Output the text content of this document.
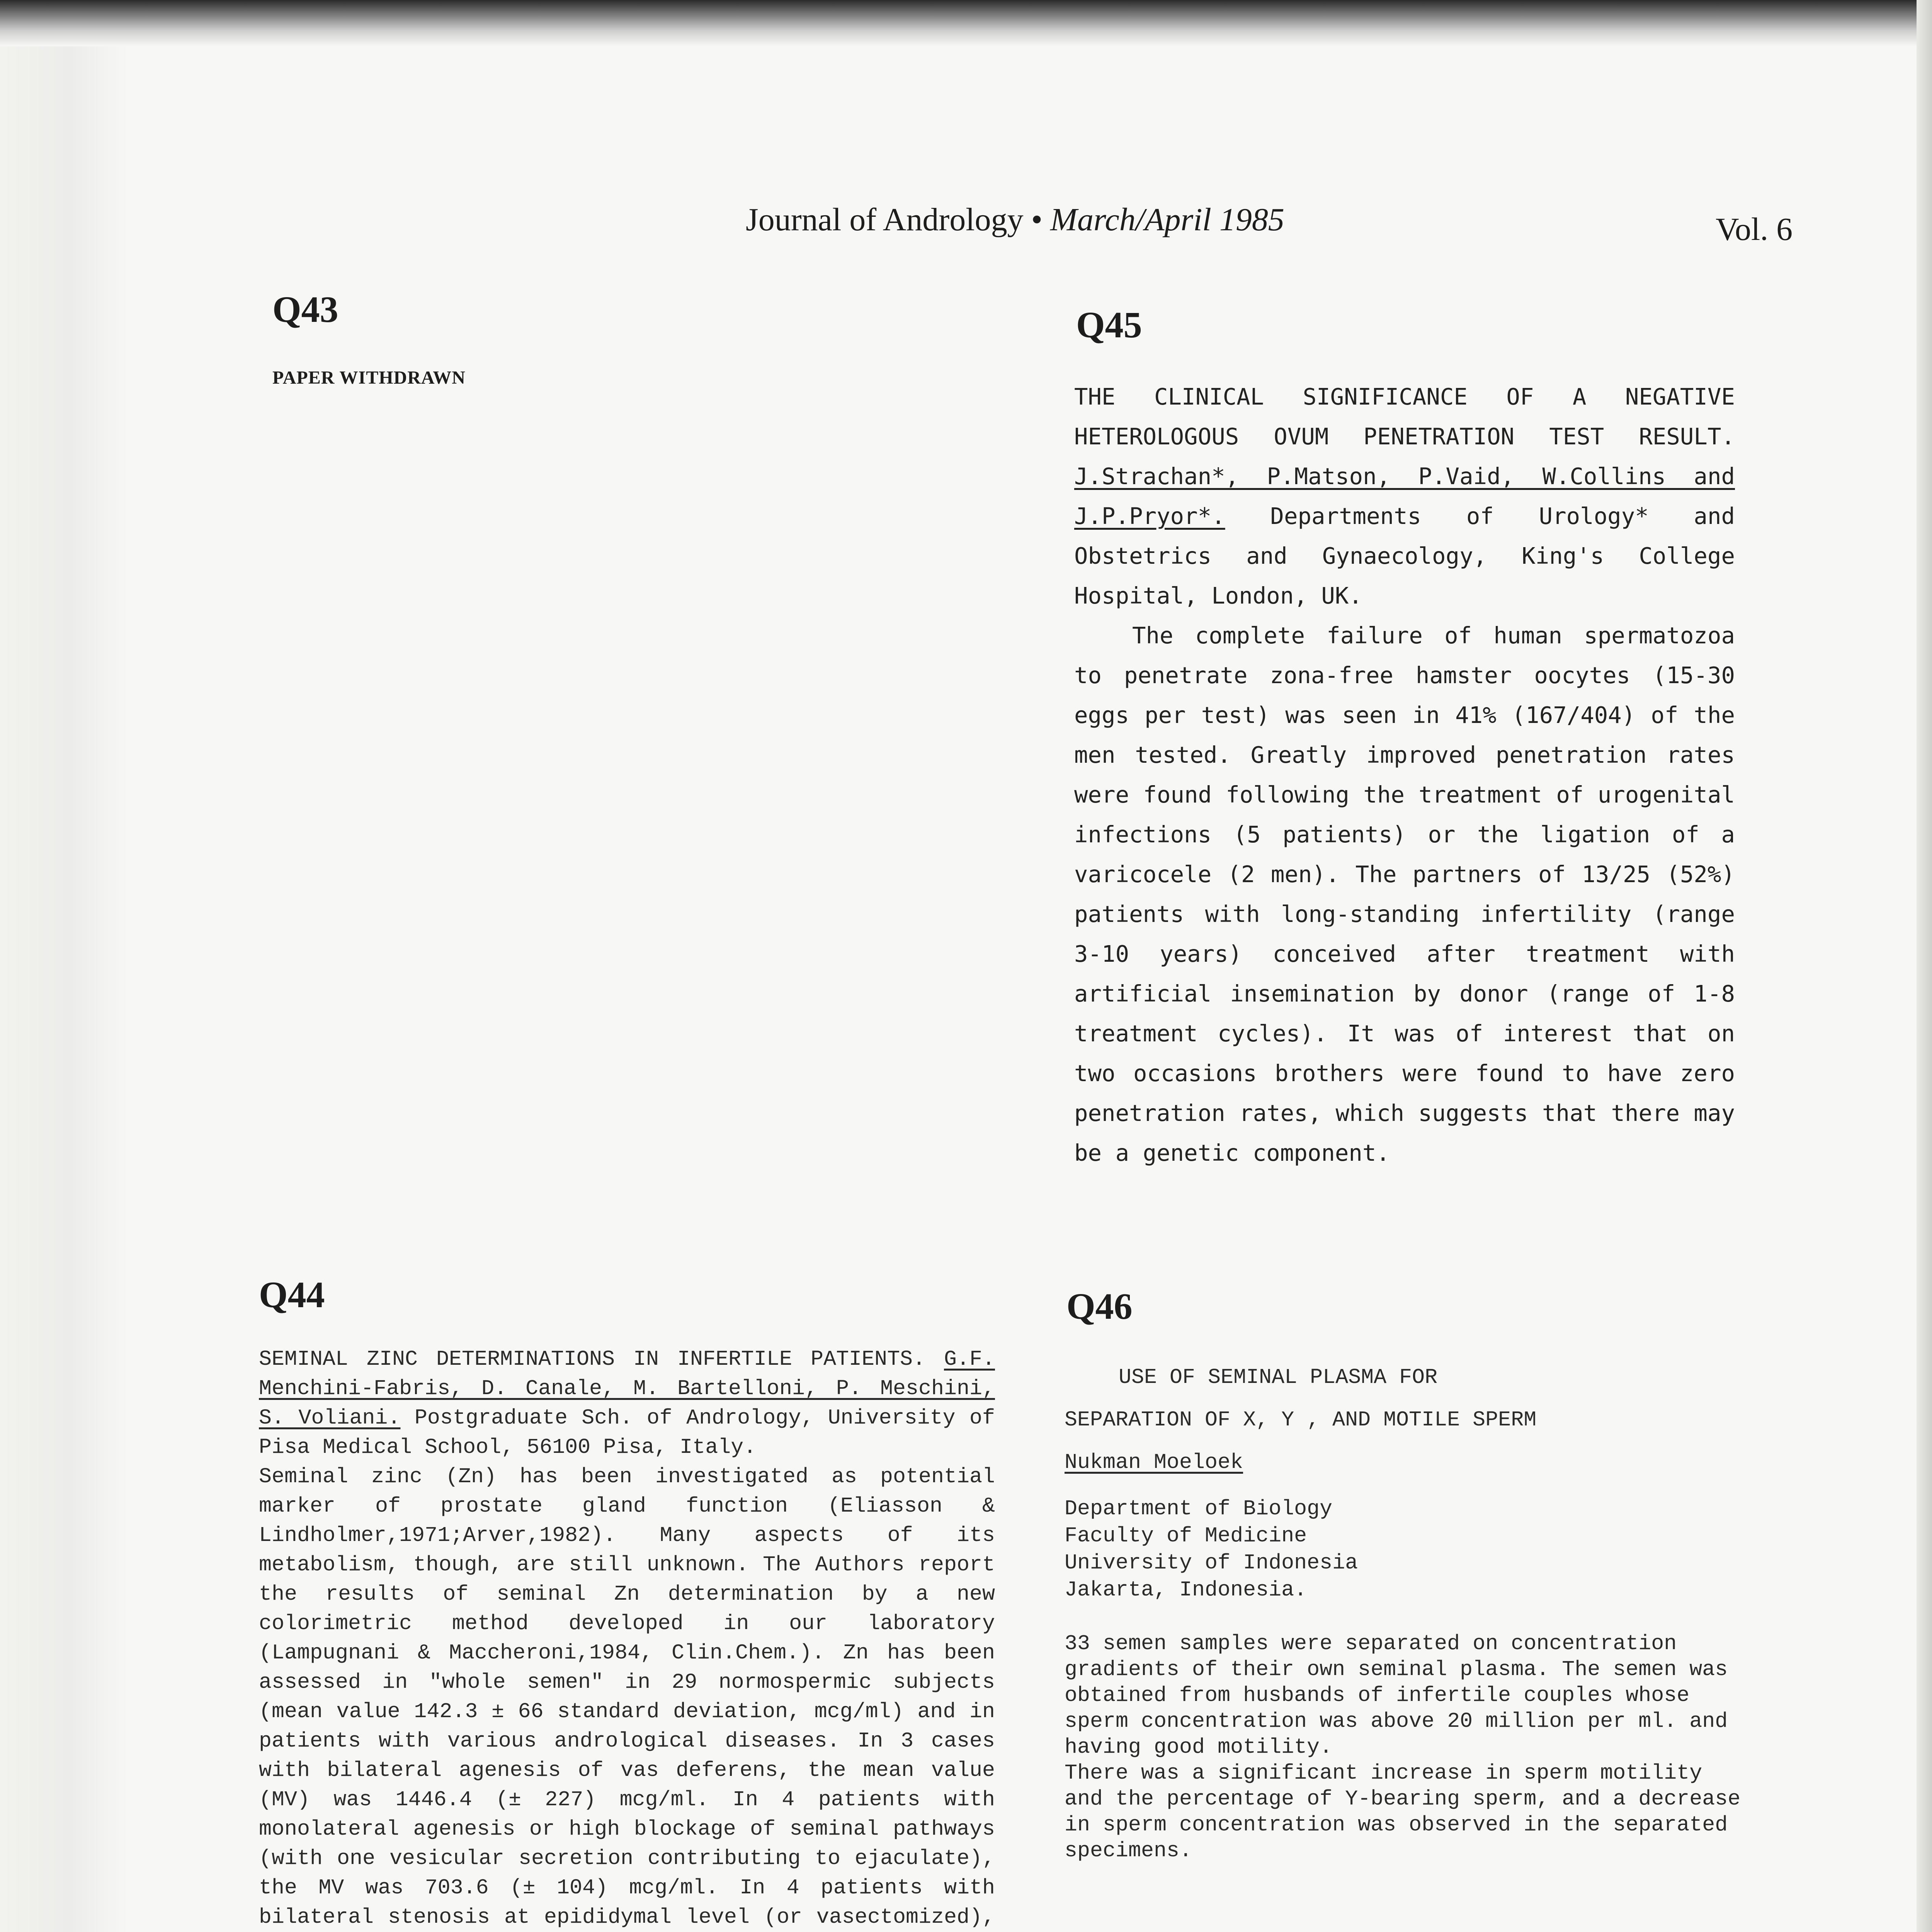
Journal of Andrology • March/April 1985	Vol. 6
Q43
PAPER WITHDRAWN
Q45

THE CLINICAL SIGNIFICANCE OF A NEGATIVE HETEROLOGOUS OVUM PENETRATION TEST RESULT. J.Strachan*, P.Matson, P.Vaid, W.Collins and J.P.Pryor*. Departments of Urology* and Obstetrics and Gynaecology, King's College Hospital, London, UK.

The complete failure of human spermatozoa to penetrate zona-free hamster oocytes (15-30 eggs per test) was seen in 41% (167/404) of the men tested. Greatly improved penetration rates were found following the treatment of urogenital infections (5 patients) or the ligation of a varicocele (2 men). The partners of 13/25 (52%) patients with long-standing infertility (range 3-10 years) conceived after treatment with artificial insemination by donor (range of 1-8 treatment cycles). It was of interest that on two occasions brothers were found to have zero penetration rates, which suggests that there may be a genetic component.

Q44

SEMINAL ZINC DETERMINATIONS IN INFERTILE PATIENTS. G.F. Menchini-Fabris, D. Canale, M. Bartelloni, P. Meschini, S. Voliani. Postgraduate Sch. of Andrology, University of Pisa Medical School, 56100 Pisa, Italy.

Seminal zinc (Zn) has been investigated as potential marker of prostate gland function (Eliasson & Lindholmer,1971;Arver,1982). Many aspects of its metabolism, though, are still unknown. The Authors report the results of seminal Zn determination by a new colorimetric method developed in our laboratory (Lampugnani & Maccheroni,1984, Clin.Chem.). Zn has been assessed in "whole semen" in 29 normospermic subjects (mean value 142.3 ± 66 standard deviation, mcg/ml) and in patients with various andrological diseases. In 3 cases with bilateral agenesis of vas deferens, the mean value (MV) was 1446.4 (± 227) mcg/ml. In 4 patients with monolateral agenesis or high blockage of seminal pathways (with one vesicular secretion contributing to ejaculate), the MV was 703.6 (± 104) mcg/ml. In 4 patients with bilateral stenosis at epididymal level (or vasectomized),

Q46
USE OF SEMINAL PLASMA FOR
SEPARATION OF X, Y , AND MOTILE SPERM
Nukman Moeloek
Department of Biology
Faculty of Medicine
University of Indonesia
Jakarta, Indonesia.
33 semen samples were separated on concentration gradients of their own seminal plasma. The semen was obtained from husbands of infertile couples whose sperm concentration was above 20 million per ml. and having good motility.
There was a significant increase in sperm motility and the percentage of Y-bearing sperm, and a decrease in sperm concentration was observed in the separated specimens.
